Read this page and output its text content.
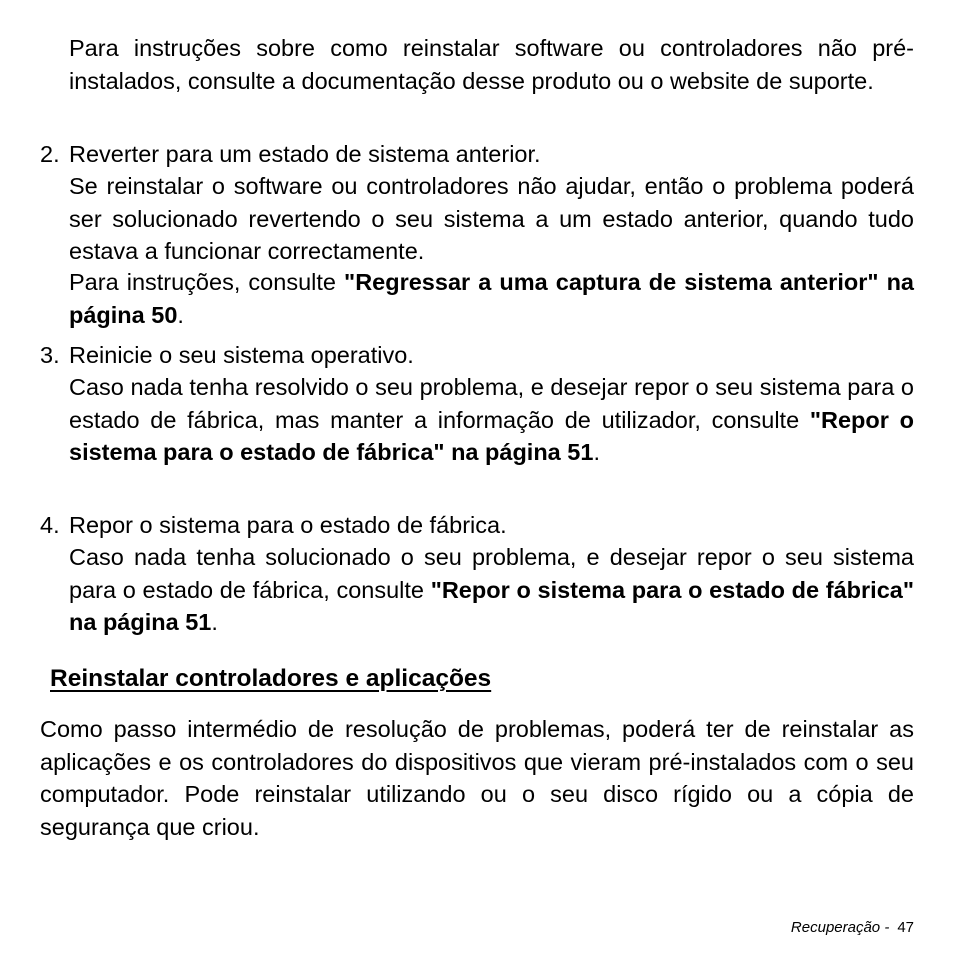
Para instruções sobre como reinstalar software ou controladores não pré-instalados, consulte a documentação desse produto ou o website de suporte.

2. Reverter para um estado de sistema anterior.

Se reinstalar o software ou controladores não ajudar, então o problema poderá ser solucionado revertendo o seu sistema a um estado anterior, quando tudo estava a funcionar correctamente.

Para instruções, consulte "Regressar a uma captura de sistema anterior" na página 50.

3. Reinicie o seu sistema operativo.

Caso nada tenha resolvido o seu problema, e desejar repor o seu sistema para o estado de fábrica, mas manter a informação de utilizador, consulte "Repor o sistema para o estado de fábrica" na página 51.

4. Repor o sistema para o estado de fábrica.

Caso nada tenha solucionado o seu problema, e desejar repor o seu sistema para o estado de fábrica, consulte "Repor o sistema para o estado de fábrica" na página 51.

Reinstalar controladores e aplicações

Como passo intermédio de resolução de problemas, poderá ter de reinstalar as aplicações e os controladores do dispositivos que vieram pré-instalados com o seu computador. Pode reinstalar utilizando ou o seu disco rígido ou a cópia de segurança que criou.

Recuperação - 47
